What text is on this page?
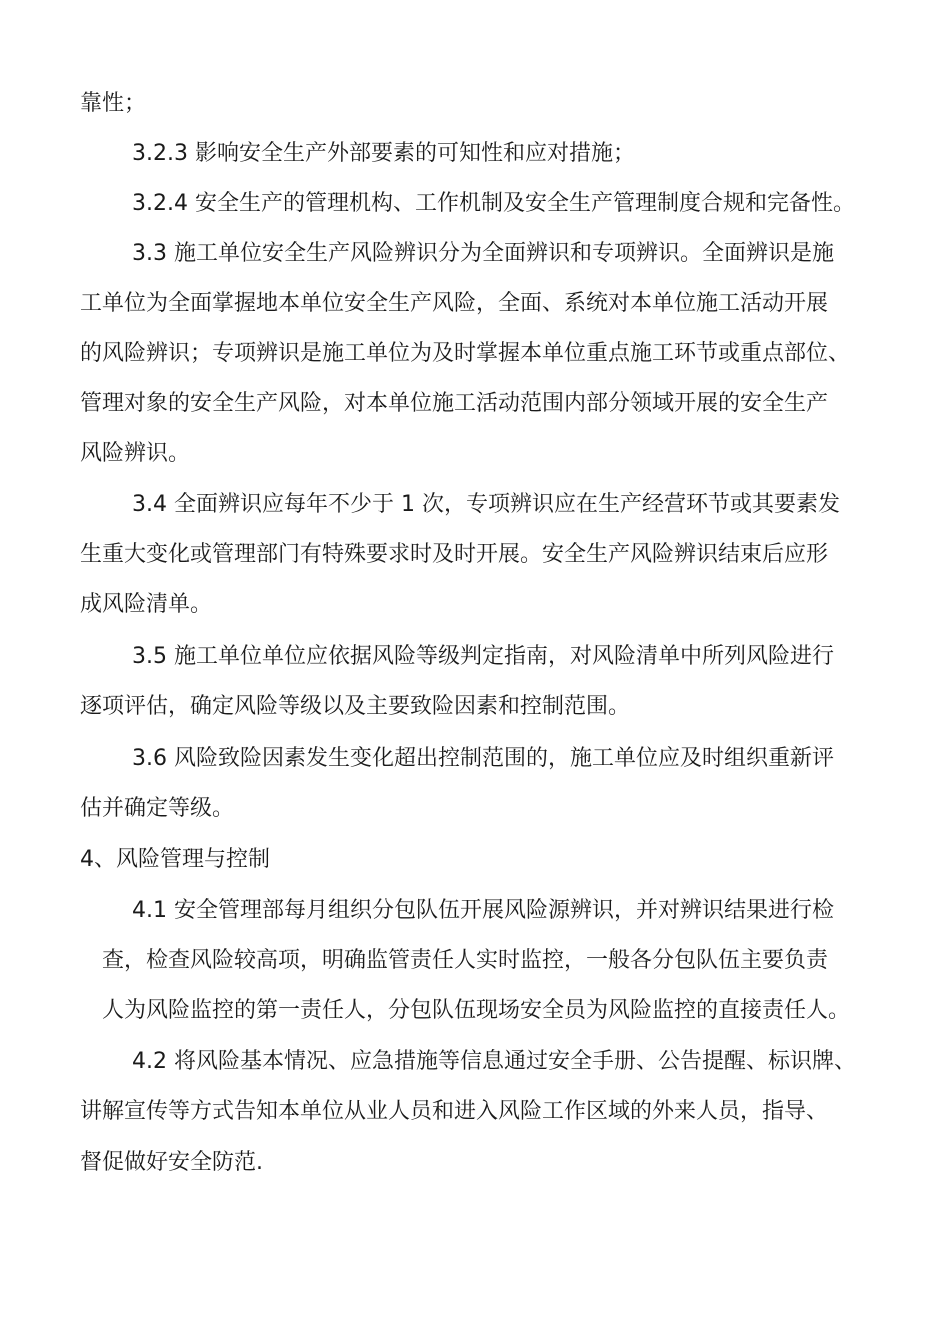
靠性；
3.2.3 影响安全生产外部要素的可知性和应对措施；
3.2.4 安全生产的管理机构、工作机制及安全生产管理制度合规和完备性。
3.3 施工单位安全生产风险辨识分为全面辨识和专项辨识。全面辨识是施
工单位为全面掌握地本单位安全生产风险，全面、系统对本单位施工活动开展
的风险辨识；专项辨识是施工单位为及时掌握本单位重点施工环节或重点部位、
管理对象的安全生产风险，对本单位施工活动范围内部分领域开展的安全生产
风险辨识。
3.4 全面辨识应每年不少于 1 次，专项辨识应在生产经营环节或其要素发
生重大变化或管理部门有特殊要求时及时开展。安全生产风险辨识结束后应形
成风险清单。
3.5 施工单位单位应依据风险等级判定指南，对风险清单中所列风险进行
逐项评估，确定风险等级以及主要致险因素和控制范围。
3.6 风险致险因素发生变化超出控制范围的，施工单位应及时组织重新评
估并确定等级。
4、风险管理与控制
4.1 安全管理部每月组织分包队伍开展风险源辨识，并对辨识结果进行检
查，检查风险较高项，明确监管责任人实时监控，一般各分包队伍主要负责
人为风险监控的第一责任人，分包队伍现场安全员为风险监控的直接责任人。
4.2 将风险基本情况、应急措施等信息通过安全手册、公告提醒、标识牌、
讲解宣传等方式告知本单位从业人员和进入风险工作区域的外来人员，指导、
督促做好安全防范.
